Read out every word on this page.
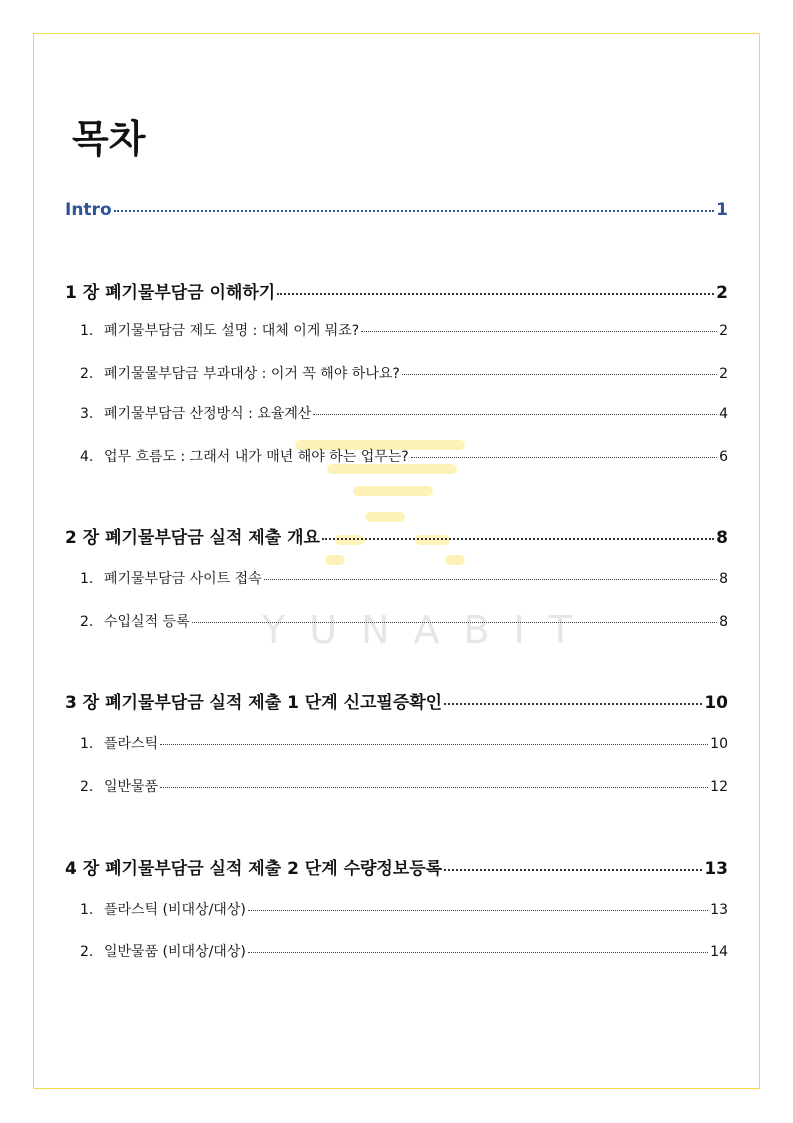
YUNABIT
목차
Intro	1
1 장 폐기물부담금 이해하기	2
1. 폐기물부담금 제도 설명 : 대체 이게 뭐죠?	2
2. 폐기물물부담금 부과대상 : 이거 꼭 해야 하나요?	2
3. 폐기물부담금 산정방식 : 요율계산	4
4. 업무 흐름도 : 그래서 내가 매년 해야 하는 업무는?	6
2 장 폐기물부담금 실적 제출 개요	8
1. 폐기물부담금 사이트 접속	8
2. 수입실적 등록	8
3 장 폐기물부담금 실적 제출 1 단계 신고필증확인	10
1. 플라스틱	10
2. 일반물품	12
4 장 폐기물부담금 실적 제출 2 단계 수량정보등록	13
1. 플라스틱 (비대상/대상)	13
2. 일반물품 (비대상/대상)	14
